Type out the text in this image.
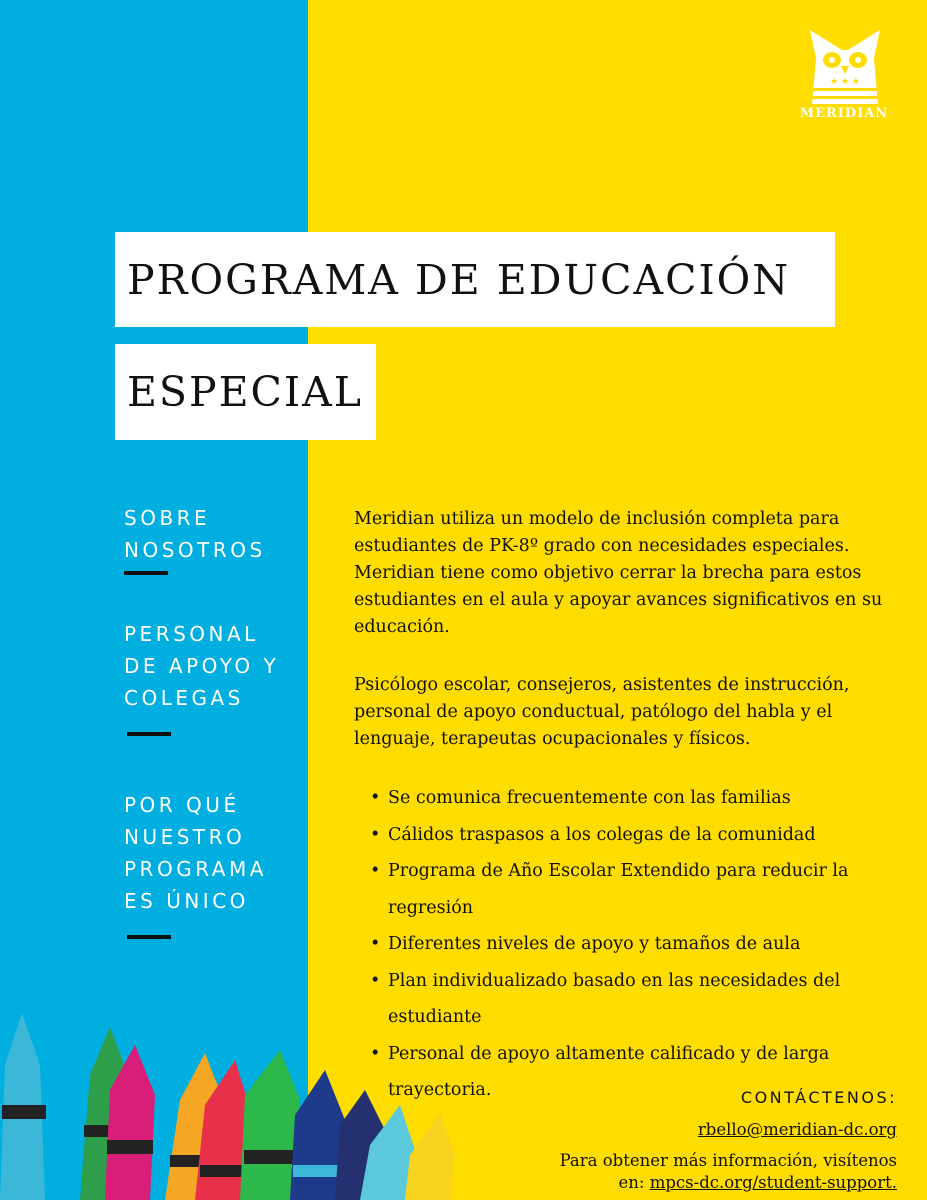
★ ★ ★
MERIDIAN
PROGRAMA DE EDUCACIÓN
ESPECIAL
SOBRE
NOSOTROS
PERSONAL
DE APOYO Y
COLEGAS
POR QUÉ
NUESTRO
PROGRAMA
ES ÚNICO
Meridian utiliza un modelo de inclusión completa para estudiantes de PK-8º grado con necesidades especiales. Meridian tiene como objetivo cerrar la brecha para estos estudiantes en el aula y apoyar avances significativos en su educación.
Psicólogo escolar, consejeros, asistentes de instrucción, personal de apoyo conductual, patólogo del habla y el lenguaje, terapeutas ocupacionales y físicos.
• Se comunica frecuentemente con las familias
• Cálidos traspasos a los colegas de la comunidad
• Programa de Año Escolar Extendido para reducir la regresión
• Diferentes niveles de apoyo y tamaños de aula
• Plan individualizado basado en las necesidades del estudiante
• Personal de apoyo altamente calificado y de larga trayectoria.	CONTÁCTENOS:
rbello@meridian-dc.org
Para obtener más información, visítenos
en: mpcs-dc.org/student-support.
